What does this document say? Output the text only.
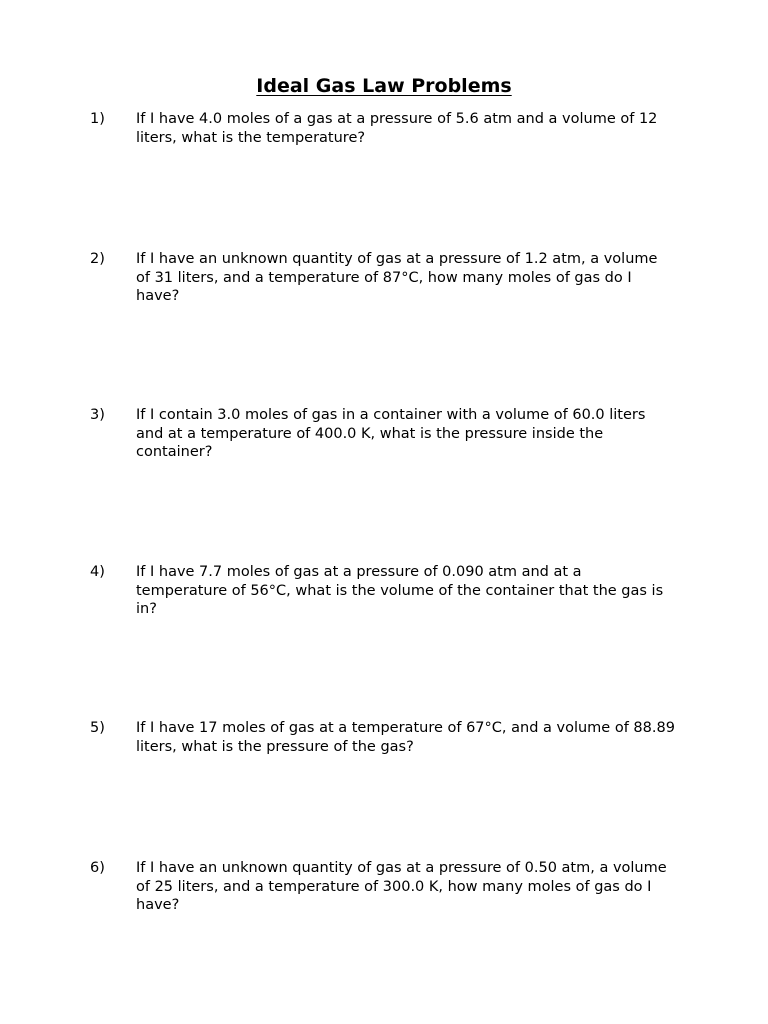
Ideal Gas Law Problems
1) If I have 4.0 moles of a gas at a pressure of 5.6 atm and a volume of 12 liters, what is the temperature?
2) If I have an unknown quantity of gas at a pressure of 1.2 atm, a volume of 31 liters, and a temperature of 87°C, how many moles of gas do I have?
3) If I contain 3.0 moles of gas in a container with a volume of 60.0 liters and at a temperature of 400.0 K, what is the pressure inside the container?
4) If I have 7.7 moles of gas at a pressure of 0.090 atm and at a temperature of 56°C, what is the volume of the container that the gas is in?
5) If I have 17 moles of gas at a temperature of 67°C, and a volume of 88.89 liters, what is the pressure of the gas?
6) If I have an unknown quantity of gas at a pressure of 0.50 atm, a volume of 25 liters, and a temperature of 300.0 K, how many moles of gas do I have?
